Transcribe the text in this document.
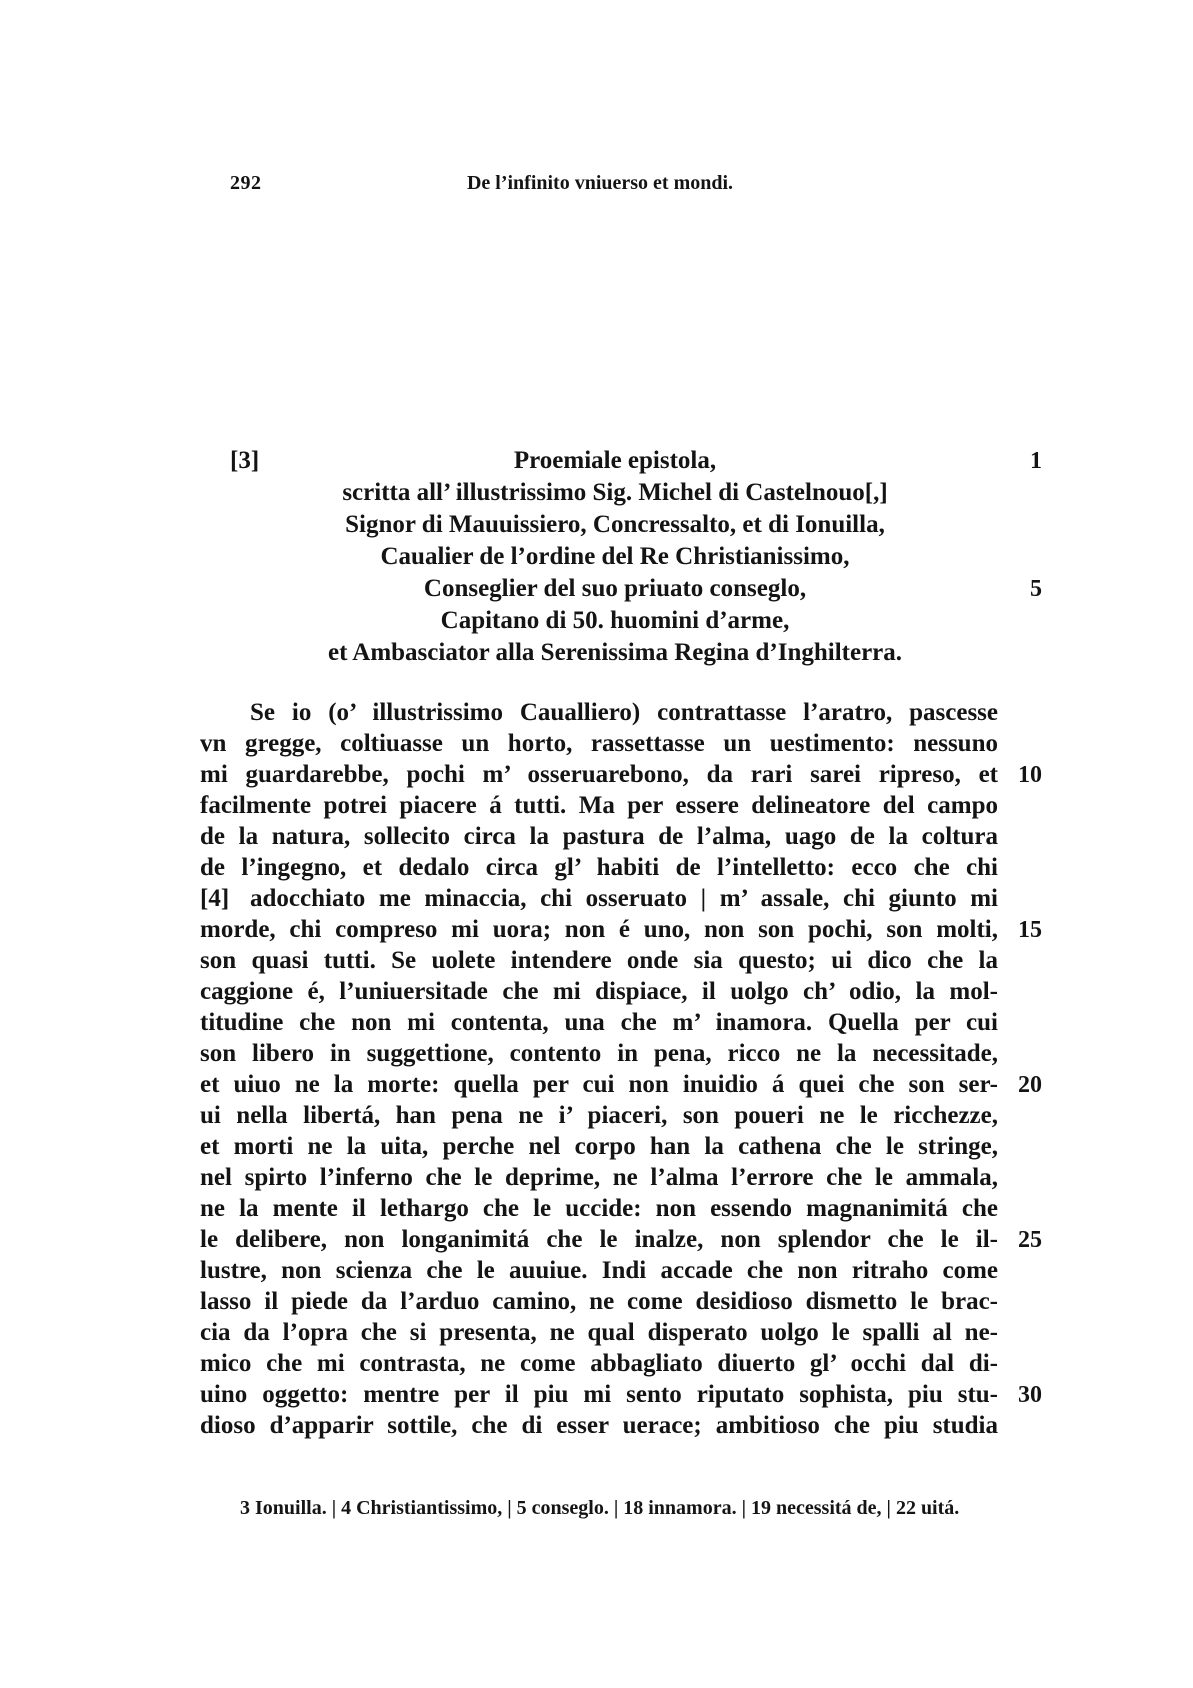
292	De l’infinito vniuerso et mondi.
[3]	Proemiale epistola,
scritta all’ illustrissimo Sig. Michel di Castelnouo[,]
Signor di Mauuissiero, Concressalto, et di Ionuilla,
Caualier de l’ordine del Re Christianissimo,
Conseglier del suo priuato conseglo,
Capitano di 50. huomini d’arme,
et Ambasciator alla Serenissima Regina d’Inghilterra.
1
5
Se io (o’ illustrissimo Caualliero) contrattasse l’aratro, pascesse
vn gregge, coltiuasse un horto, rassettasse un uestimento: nessuno
mi guardarebbe, pochi m’ osseruarebono, da rari sarei ripreso, et
facilmente potrei piacere á tutti. Ma per essere delineatore del campo
de la natura, sollecito circa la pastura de l’alma, uago de la coltura
de l’ingegno, et dedalo circa gl’ habiti de l’intelletto: ecco che chi
[4] adocchiato me minaccia, chi osseruato | m’ assale, chi giunto mi
morde, chi compreso mi uora; non é uno, non son pochi, son molti,
son quasi tutti. Se uolete intendere onde sia questo; ui dico che la
caggione é, l’uniuersitade che mi dispiace, il uolgo ch’ odio, la mol-
titudine che non mi contenta, una che m’ inamora. Quella per cui
son libero in suggettione, contento in pena, ricco ne la necessitade,
et uiuo ne la morte: quella per cui non inuidio á quei che son ser-
ui nella libertá, han pena ne i’ piaceri, son poueri ne le ricchezze,
et morti ne la uita, perche nel corpo han la cathena che le stringe,
nel spirto l’inferno che le deprime, ne l’alma l’errore che le ammala,
ne la mente il lethargo che le uccide: non essendo magnanimitá che
le delibere, non longanimitá che le inalze, non splendor che le il-
lustre, non scienza che le auuiue. Indi accade che non ritraho come
lasso il piede da l’arduo camino, ne come desidioso dismetto le brac-
cia da l’opra che si presenta, ne qual disperato uolgo le spalli al ne-
mico che mi contrasta, ne come abbagliato diuerto gl’ occhi dal di-
uino oggetto: mentre per il piu mi sento riputato sophista, piu stu-
dioso d’apparir sottile, che di esser uerace; ambitioso che piu studia
10
15
20
25
30
3 Ionuilla. | 4 Christiantissimo, | 5 conseglo. | 18 innamora. | 19 necessitá de, | 22 uitá.
